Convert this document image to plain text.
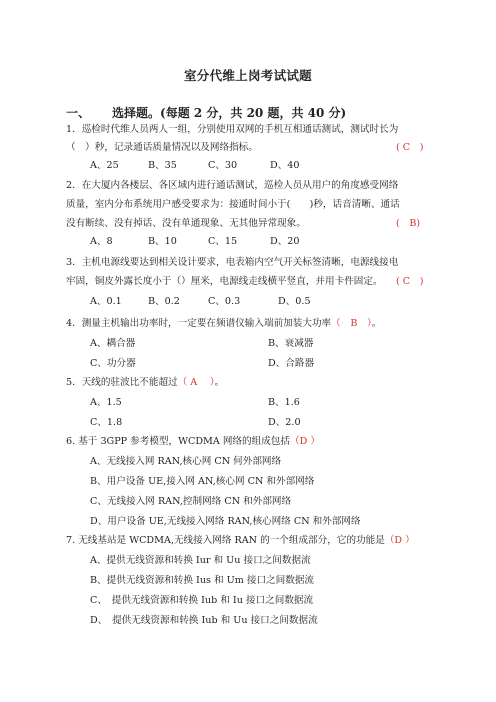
室分代维上岗考试试题
一、 选择题。(每题 2 分，共 20 题，共 40 分)
1．巡检时代维人员两人一组，分别使用双网的手机互相通话测试，测试时长为
（　）秒，记录通话质量情况以及网络指标。	( C　)
A、25	B、35	C、30	D、40
2．在大厦内各楼层、各区域内进行通话测试，巡检人员从用户的角度感受网络
质量，室内分布系统用户感受要求为：接通时间小于(　　)秒，话音清晰、通话
没有断续、没有掉话、没有单通现象、无其他异常现象。	(　B)
A、8	B、10	C、15	D、20
3．主机电源线要达到相关设计要求，电表箱内空气开关标签清晰，电源线接电
牢固，铜皮外露长度小于（）厘米，电源线走线横平竖直，并用卡件固定。 ( C　)
A、0.1	B、0.2	C、0.3	D、0.5
4．测量主机输出功率时，一定要在频谱仪输入端前加装大功率（　B　）。
A、耦合器	B、衰减器
C、功分器	D、合路器
5．天线的驻波比不能超过（ A　 ）。
A、1.5	B、1.6
C、1.8	D、2.0
6. 基于 3GPP 参考模型，WCDMA 网络的组成包括（D ）
A、无线接入网 RAN,核心网 CN 何外部网络
B、用户设备 UE,接入网 AN,核心网 CN 和外部网络
C、无线接入网 RAN,控制网络 CN 和外部网络
D、用户设备 UE,无线接入网络 RAN,核心网络 CN 和外部网络
7. 无线基站是 WCDMA,无线接入网络 RAN 的一个组成部分，它的功能是（D ）
A、提供无线资源和转换 Iur 和 Uu 接口之间数据流
B、提供无线资源和转换 Ius 和 Um 接口之间数据流
C、　提供无线资源和转换 Iub 和 Iu 接口之间数据流
D、　提供无线资源和转换 Iub 和 Uu 接口之间数据流
